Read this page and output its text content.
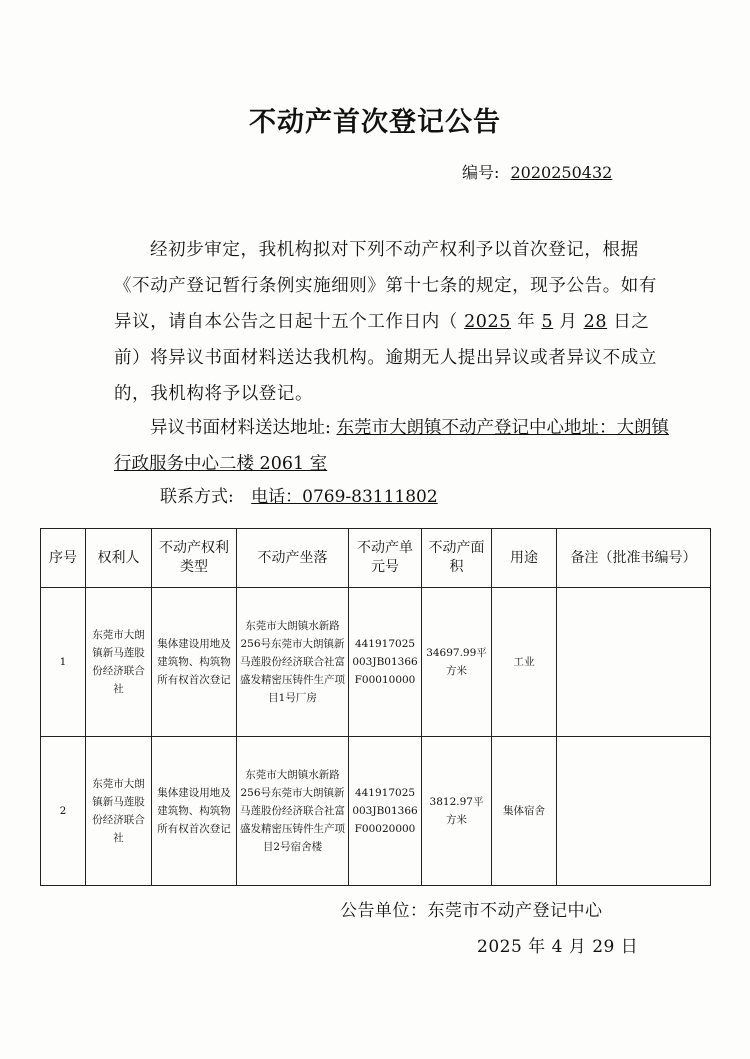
不动产首次登记公告
编号: 2020250432
经初步审定，我机构拟对下列不动产权利予以首次登记，根据《不动产登记暂行条例实施细则》第十七条的规定，现予公告。如有异议，请自本公告之日起十五个工作日内（ 2025 年 5 月 28 日之前）将异议书面材料送达我机构。逾期无人提出异议或者异议不成立的，我机构将予以登记。
异议书面材料送达地址: 东莞市大朗镇不动产登记中心地址：大朗镇行政服务中心二楼 2061 室
联系方式: 电话：0769-83111802
序号	权利人	不动产权利类型	不动产坐落	不动产单元号	不动产面积	用途	备注（批准书编号）
1	东莞市大朗镇新马莲股份经济联合社	集体建设用地及建筑物、构筑物所有权首次登记	东莞市大朗镇水新路256号东莞市大朗镇新马莲股份经济联合社富盛发精密压铸件生产项目1号厂房	441917025003JB01366F00010000	34697.99平方米	工业	
2	东莞市大朗镇新马莲股份经济联合社	集体建设用地及建筑物、构筑物所有权首次登记	东莞市大朗镇水新路256号东莞市大朗镇新马莲股份经济联合社富盛发精密压铸件生产项目2号宿舍楼	441917025003JB01366F00020000	3812.97平方米	集体宿舍	
公告单位：东莞市不动产登记中心
2025 年 4 月 29 日
